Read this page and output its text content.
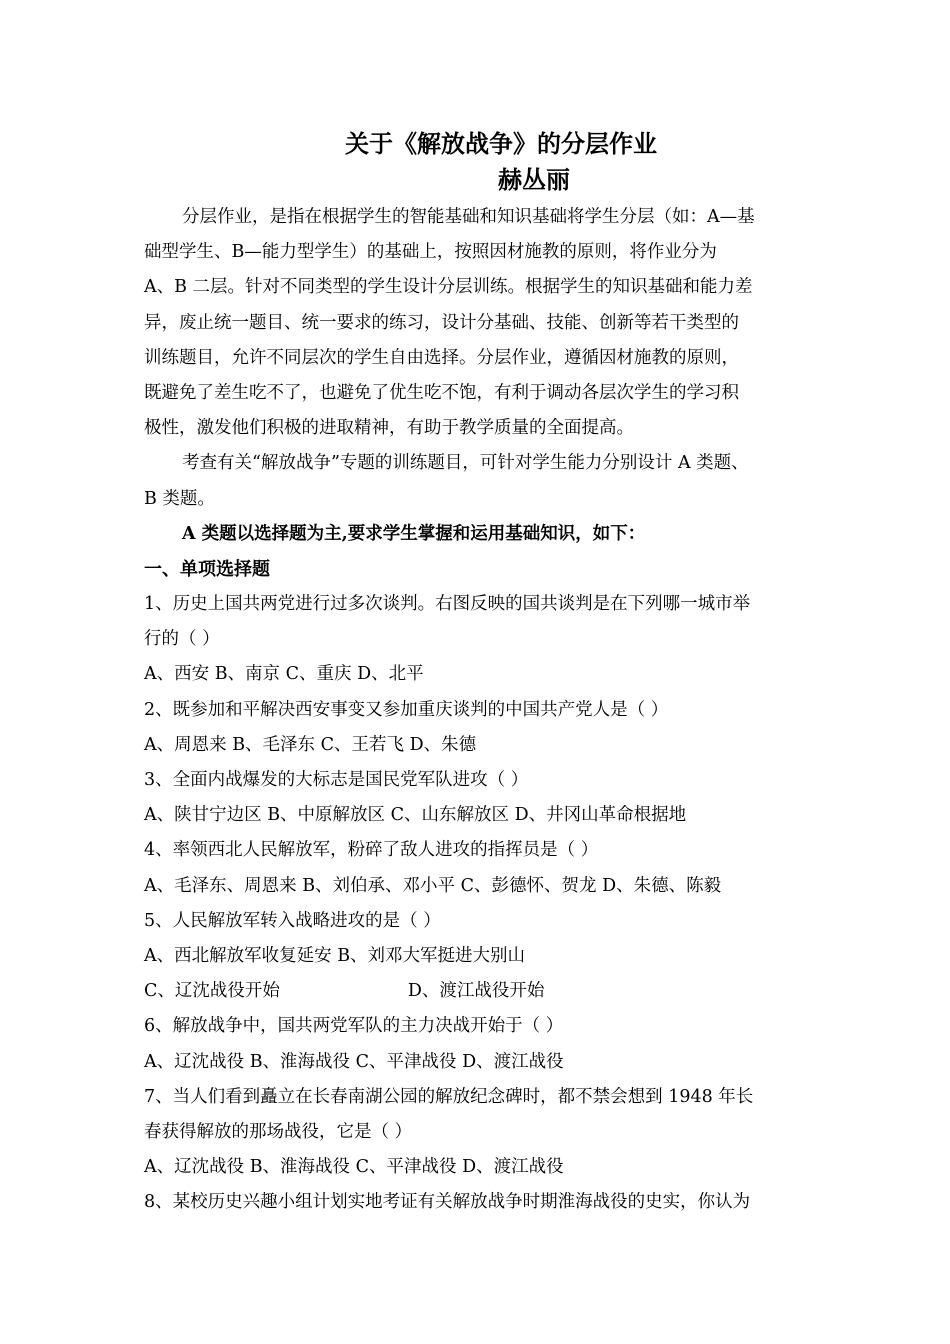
关于《解放战争》的分层作业
赫丛丽
分层作业，是指在根据学生的智能基础和知识基础将学生分层（如：A—基
础型学生、B—能力型学生）的基础上，按照因材施教的原则，将作业分为
A、B 二层。针对不同类型的学生设计分层训练。根据学生的知识基础和能力差
异，废止统一题目、统一要求的练习，设计分基础、技能、创新等若干类型的
训练题目，允许不同层次的学生自由选择。分层作业，遵循因材施教的原则，
既避免了差生吃不了，也避免了优生吃不饱，有利于调动各层次学生的学习积
极性，激发他们积极的进取精神，有助于教学质量的全面提高。
考查有关“解放战争”专题的训练题目，可针对学生能力分别设计 A 类题、
B 类题。
A 类题以选择题为主,要求学生掌握和运用基础知识，如下：
一、单项选择题
1、历史上国共两党进行过多次谈判。右图反映的国共谈判是在下列哪一城市举
行的（ ）
A、西安 B、南京 C、重庆 D、北平
2、既参加和平解决西安事变又参加重庆谈判的中国共产党人是（ ）
A、周恩来 B、毛泽东 C、王若飞 D、朱德
3、全面内战爆发的大标志是国民党军队进攻（ ）
A、陕甘宁边区 B、中原解放区 C、山东解放区 D、井冈山革命根据地
4、率领西北人民解放军，粉碎了敌人进攻的指挥员是（ ）
A、毛泽东、周恩来 B、刘伯承、邓小平 C、彭德怀、贺龙 D、朱德、陈毅
5、人民解放军转入战略进攻的是（ ）
A、西北解放军收复延安 B、刘邓大军挺进大别山
C、辽沈战役开始	D、渡江战役开始
6、解放战争中，国共两党军队的主力决战开始于（ ）
A、辽沈战役 B、淮海战役 C、平津战役 D、渡江战役
7、当人们看到矗立在长春南湖公园的解放纪念碑时，都不禁会想到 1948 年长
春获得解放的那场战役，它是（ ）
A、辽沈战役 B、淮海战役 C、平津战役 D、渡江战役
8、某校历史兴趣小组计划实地考证有关解放战争时期淮海战役的史实，你认为
